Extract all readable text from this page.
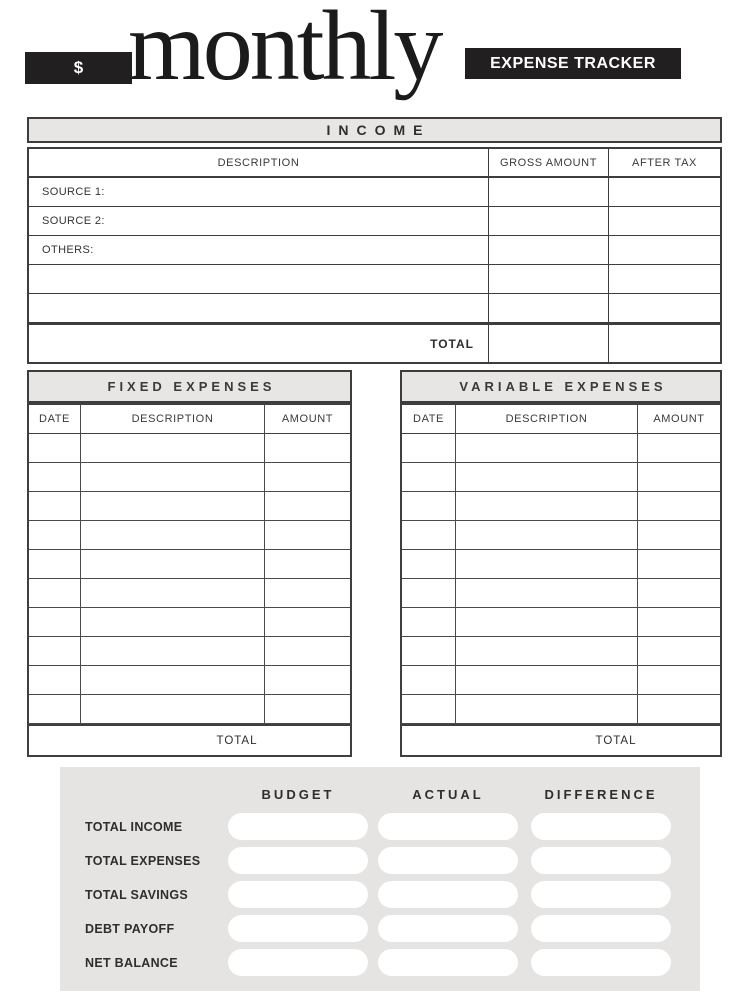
$ monthly	EXPENSE TRACKER
INCOME
DESCRIPTION	GROSS AMOUNT	AFTER TAX
SOURCE 1:
SOURCE 2:
OTHERS:
TOTAL
FIXED EXPENSES
DATE	DESCRIPTION	AMOUNT
TOTAL
VARIABLE EXPENSES
DATE	DESCRIPTION	AMOUNT
TOTAL
BUDGET	ACTUAL	DIFFERENCE
TOTAL INCOME
TOTAL EXPENSES
TOTAL SAVINGS
DEBT PAYOFF
NET BALANCE
